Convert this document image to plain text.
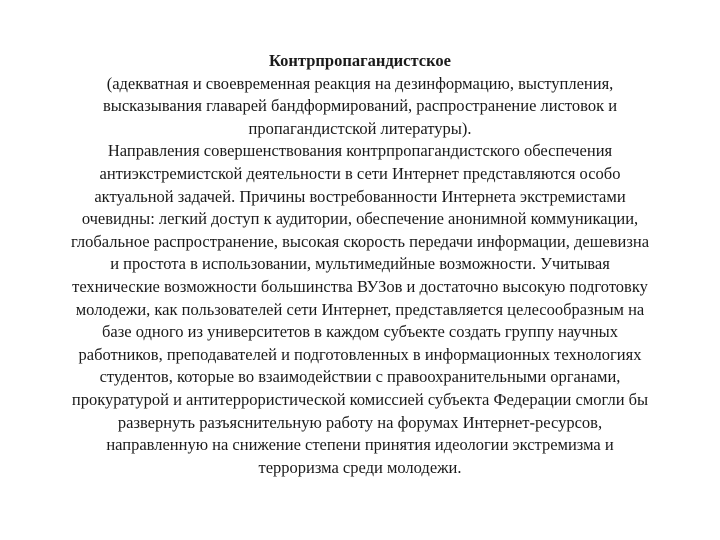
Контрпропагандистское
(адекватная и своевременная реакция на дезинформацию, выступления,
высказывания главарей бандформирований, распространение листовок и
пропагандистской литературы).
Направления совершенствования контрпропагандистского обеспечения
антиэкстремистской деятельности в сети Интернет представляются особо
актуальной задачей. Причины востребованности Интернета экстремистами
очевидны: легкий доступ к аудитории, обеспечение анонимной коммуникации,
глобальное распространение, высокая скорость передачи информации, дешевизна
и простота в использовании, мультимедийные возможности. Учитывая
технические возможности большинства ВУЗов и достаточно высокую подготовку
молодежи, как пользователей сети Интернет, представляется целесообразным на
базе одного из университетов в каждом субъекте создать группу научных
работников, преподавателей и подготовленных в информационных технологиях
студентов, которые во взаимодействии с правоохранительными органами,
прокуратурой и антитеррористической комиссией субъекта Федерации смогли бы
развернуть разъяснительную работу на форумах Интернет-ресурсов,
направленную на снижение степени принятия идеологии экстремизма и
терроризма среди молодежи.
